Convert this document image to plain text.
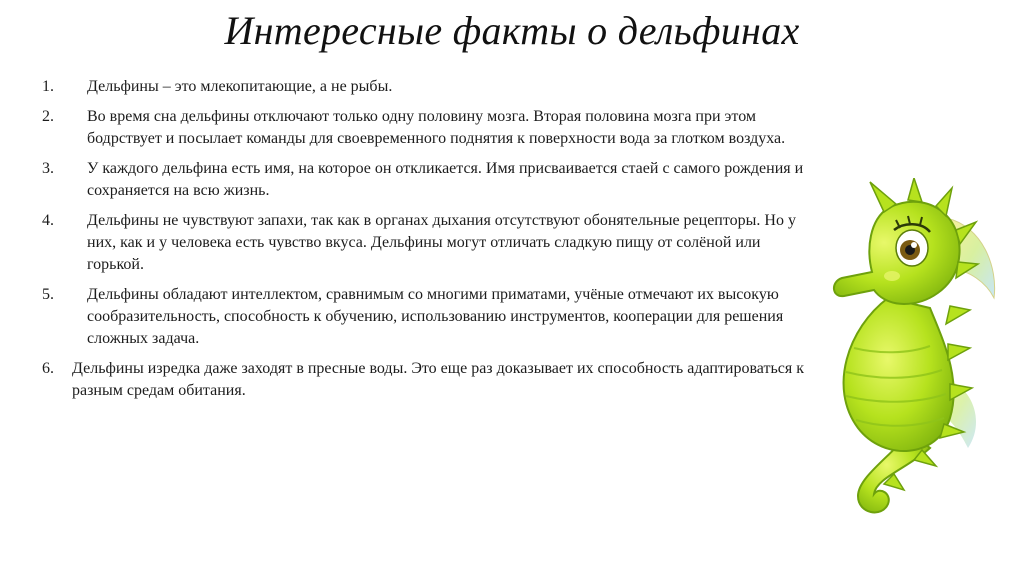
Интересные факты о дельфинах
1.	Дельфины – это млекопитающие, а не рыбы.
2.	Во время сна дельфины отключают только одну половину мозга. Вторая половина мозга при этом бодрствует и посылает команды для своевременного поднятия к поверхности вода за глотком воздуха.
3.	У каждого дельфина есть имя, на которое он откликается. Имя присваивается стаей с самого рождения и сохраняется на всю жизнь.
4.	Дельфины не чувствуют запахи, так как в органах дыхания отсутствуют обонятельные рецепторы. Но у них, как и у человека есть чувство вкуса. Дельфины могут отличать сладкую пищу от солёной или горькой.
5.	Дельфины обладают интеллектом, сравнимым со многими приматами, учёные отмечают их высокую сообразительность, способность к обучению, использованию инструментов, кооперации для решения сложных задача.
6.	Дельфины изредка даже заходят в пресные воды. Это еще раз доказывает их способность адаптироваться к разным средам обитания.
